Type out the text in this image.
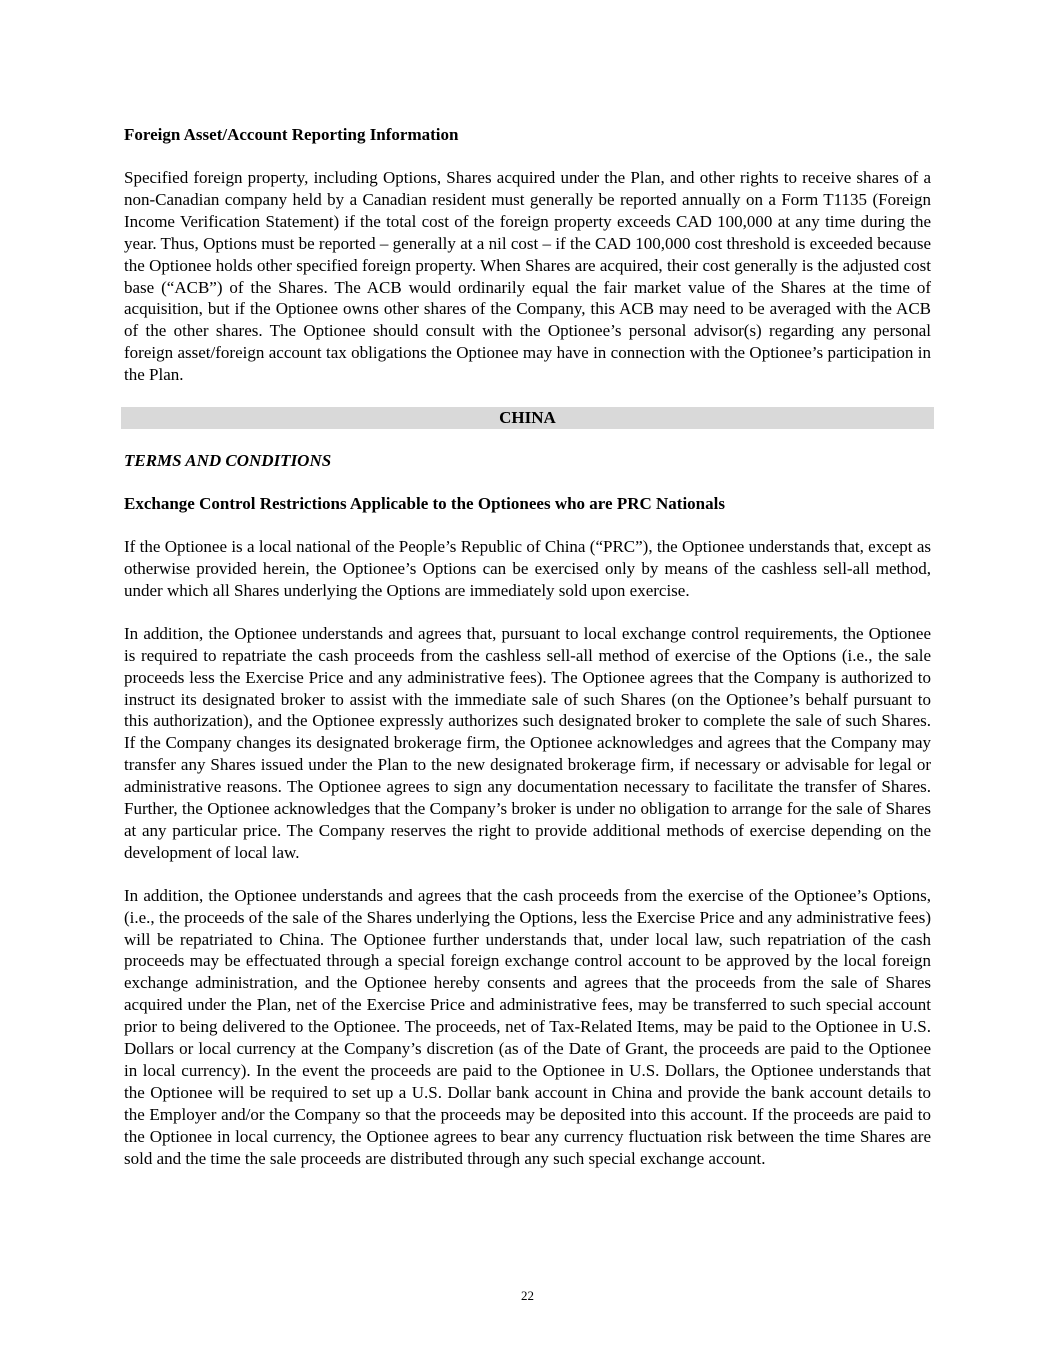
Foreign Asset/Account Reporting Information

Specified foreign property, including Options, Shares acquired under the Plan, and other rights to receive shares of a non-Canadian company held by a Canadian resident must generally be reported annually on a Form T1135 (Foreign Income Verification Statement) if the total cost of the foreign property exceeds CAD 100,000 at any time during the year. Thus, Options must be reported – generally at a nil cost – if the CAD 100,000 cost threshold is exceeded because the Optionee holds other specified foreign property. When Shares are acquired, their cost generally is the adjusted cost base (“ACB”) of the Shares. The ACB would ordinarily equal the fair market value of the Shares at the time of acquisition, but if the Optionee owns other shares of the Company, this ACB may need to be averaged with the ACB of the other shares. The Optionee should consult with the Optionee’s personal advisor(s) regarding any personal foreign asset/foreign account tax obligations the Optionee may have in connection with the Optionee’s participation in the Plan.

CHINA
TERMS AND CONDITIONS
Exchange Control Restrictions Applicable to the Optionees who are PRC Nationals

If the Optionee is a local national of the People’s Republic of China (“PRC”), the Optionee understands that, except as otherwise provided herein, the Optionee’s Options can be exercised only by means of the cashless sell-all method, under which all Shares underlying the Options are immediately sold upon exercise.

In addition, the Optionee understands and agrees that, pursuant to local exchange control requirements, the Optionee is required to repatriate the cash proceeds from the cashless sell-all method of exercise of the Options (i.e., the sale proceeds less the Exercise Price and any administrative fees). The Optionee agrees that the Company is authorized to instruct its designated broker to assist with the immediate sale of such Shares (on the Optionee’s behalf pursuant to this authorization), and the Optionee expressly authorizes such designated broker to complete the sale of such Shares. If the Company changes its designated brokerage firm, the Optionee acknowledges and agrees that the Company may transfer any Shares issued under the Plan to the new designated brokerage firm, if necessary or advisable for legal or administrative reasons. The Optionee agrees to sign any documentation necessary to facilitate the transfer of Shares. Further, the Optionee acknowledges that the Company’s broker is under no obligation to arrange for the sale of Shares at any particular price. The Company reserves the right to provide additional methods of exercise depending on the development of local law.

In addition, the Optionee understands and agrees that the cash proceeds from the exercise of the Optionee’s Options, (i.e., the proceeds of the sale of the Shares underlying the Options, less the Exercise Price and any administrative fees) will be repatriated to China. The Optionee further understands that, under local law, such repatriation of the cash proceeds may be effectuated through a special foreign exchange control account to be approved by the local foreign exchange administration, and the Optionee hereby consents and agrees that the proceeds from the sale of Shares acquired under the Plan, net of the Exercise Price and administrative fees, may be transferred to such special account prior to being delivered to the Optionee. The proceeds, net of Tax-Related Items, may be paid to the Optionee in U.S. Dollars or local currency at the Company’s discretion (as of the Date of Grant, the proceeds are paid to the Optionee in local currency). In the event the proceeds are paid to the Optionee in U.S. Dollars, the Optionee understands that the Optionee will be required to set up a U.S. Dollar bank account in China and provide the bank account details to the Employer and/or the Company so that the proceeds may be deposited into this account. If the proceeds are paid to the Optionee in local currency, the Optionee agrees to bear any currency fluctuation risk between the time Shares are sold and the time the sale proceeds are distributed through any such special exchange account.

22
